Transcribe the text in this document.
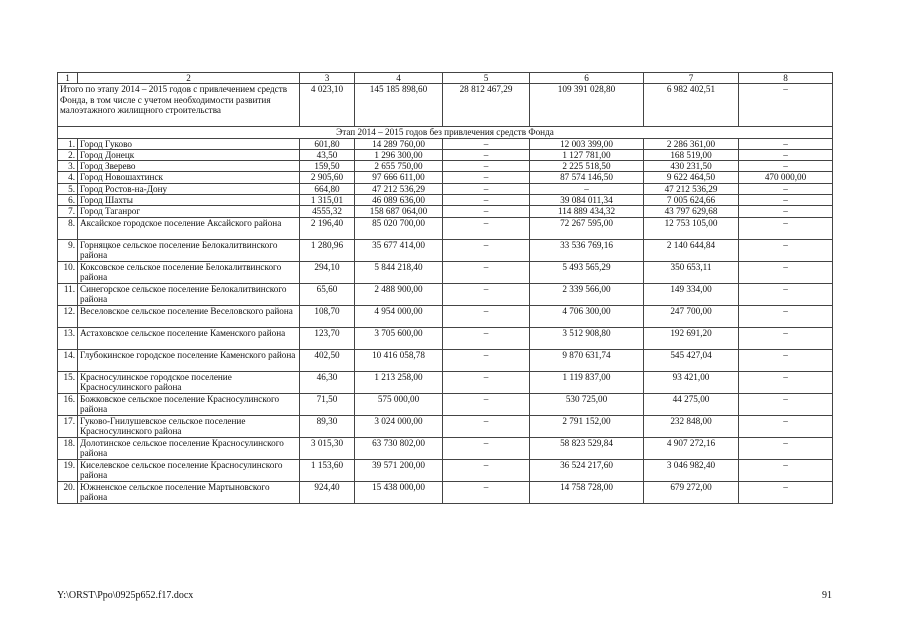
1	2	3	4	5	6	7	8
Итого по этапу 2014 – 2015 годов с привлечением средств Фонда, в том числе с учетом необходимости развития малоэтажного жилищного строительства		4 023,10	145 185 898,60	28 812 467,29	109 391 028,80	6 982 402,51	–
Этап 2014 – 2015 годов без привлечения средств Фонда							
1.	Город Гуково	601,80	14 289 760,00	–	12 003 399,00	2 286 361,00	–
2.	Город Донецк	43,50	1 296 300,00	–	1 127 781,00	168 519,00	–
3.	Город Зверево	159,50	2 655 750,00	–	2 225 518,50	430 231,50	–
4.	Город Новошахтинск	2 905,60	97 666 611,00	–	87 574 146,50	9 622 464,50	470 000,00
5.	Город Ростов-на-Дону	664,80	47 212 536,29	–	–	47 212 536,29	–
6.	Город Шахты	1 315,01	46 089 636,00	–	39 084 011,34	7 005 624,66	–
7.	Город Таганрог	4555,32	158 687 064,00	–	114 889 434,32	43 797 629,68	–
8.	Аксайское городское поселение Аксайского района	2 196,40	85 020 700,00	–	72 267 595,00	12 753 105,00	–
9.	Горняцкое сельское поселение Белокалитвинского района	1 280,96	35 677 414,00	–	33 536 769,16	2 140 644,84	–
10.	Коксовское сельское поселение Белокалитвинского района	294,10	5 844 218,40	–	5 493 565,29	350 653,11	–
11.	Синегорское сельское поселение Белокалитвинского района	65,60	2 488 900,00	–	2 339 566,00	149 334,00	–
12.	Веселовское сельское поселение Веселовского района	108,70	4 954 000,00	–	4 706 300,00	247 700,00	–
13.	Астаховское сельское поселение Каменского района	123,70	3 705 600,00	–	3 512 908,80	192 691,20	–
14.	Глубокинское городское поселение Каменского района	402,50	10 416 058,78	–	9 870 631,74	545 427,04	–
15.	Красносулинское городское поселение Красносулинского района	46,30	1 213 258,00	–	1 119 837,00	93 421,00	–
16.	Божковское сельское поселение Красносулинского района	71,50	575 000,00	–	530 725,00	44 275,00	–
17.	Гуково-Гнилушевское сельское поселение Красносулинского района	89,30	3 024 000,00	–	2 791 152,00	232 848,00	–
18.	Долотинское сельское поселение Красносулинского района	3 015,30	63 730 802,00	–	58 823 529,84	4 907 272,16	–
19.	Киселевское сельское поселение Красносулинского района	1 153,60	39 571 200,00	–	36 524 217,60	3 046 982,40	–
20.	Южненское сельское поселение Мартыновского района	924,40	15 438 000,00	–	14 758 728,00	679 272,00	–
Y:\ORST\Ppo\0925p652.f17.docx	91
